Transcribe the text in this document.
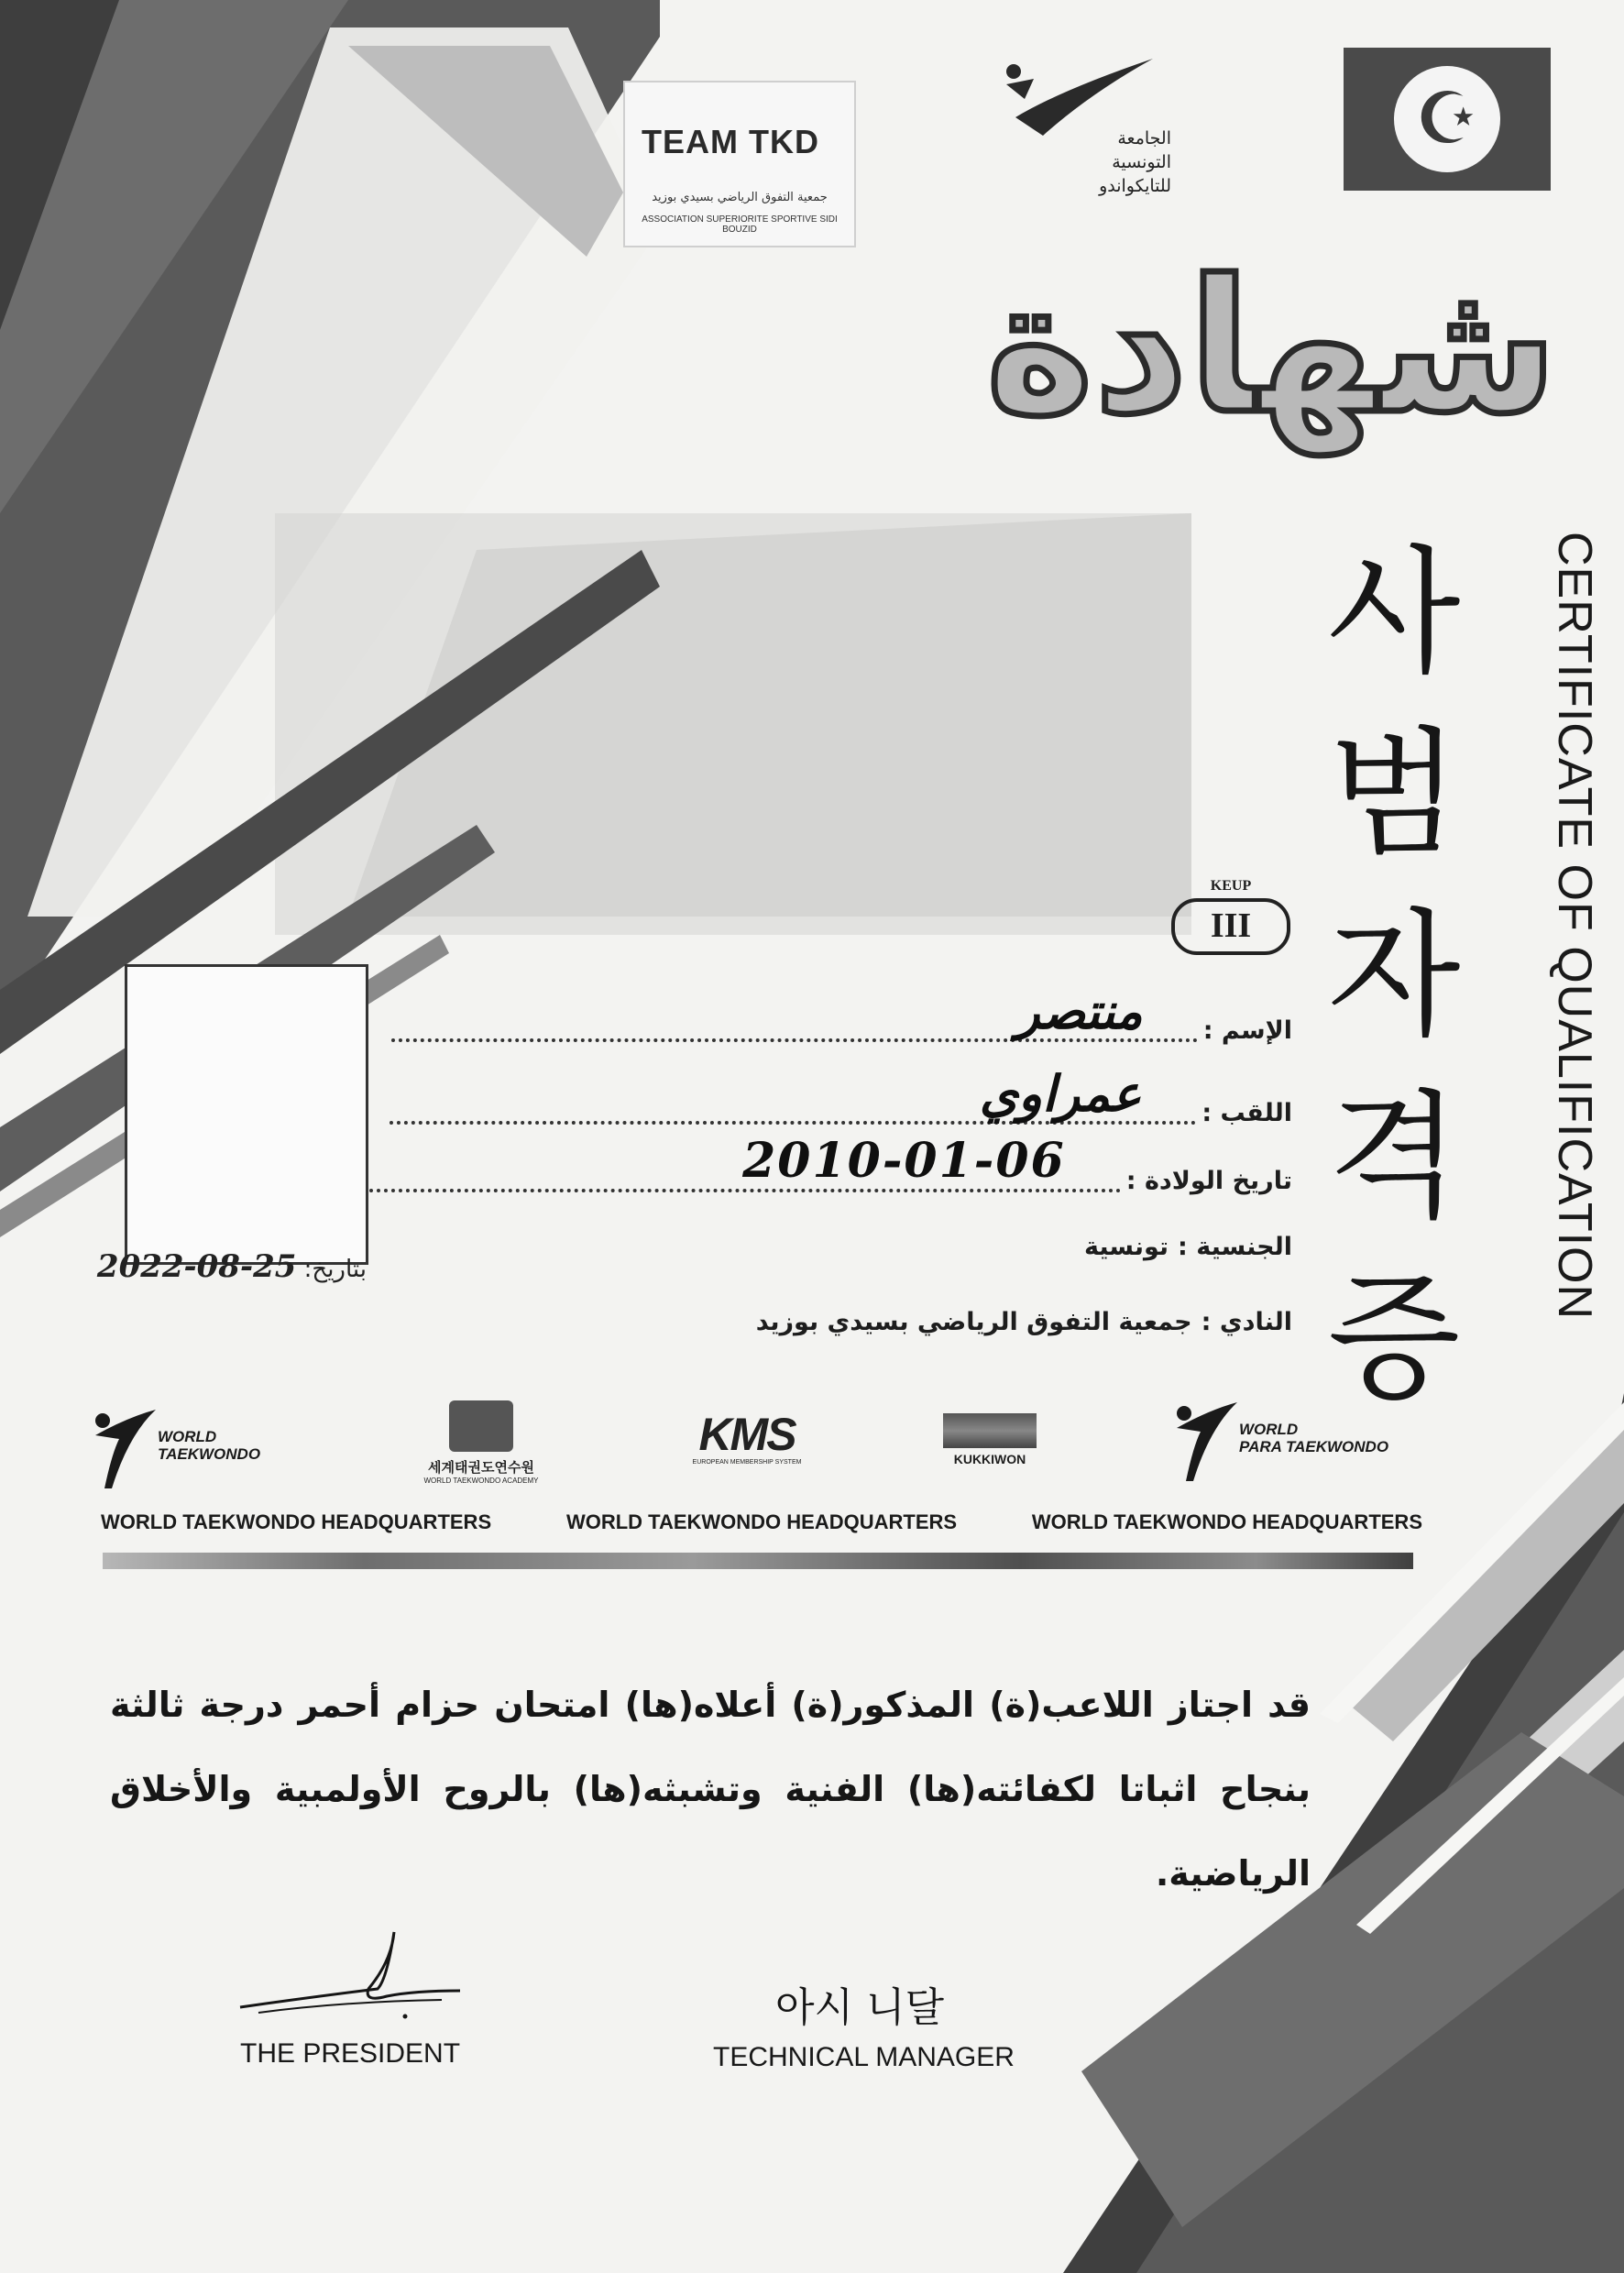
☪
TEAM TKD
جمعية التفوق الرياضي بسيدي بوزيد
ASSOCIATION SUPERIORITE SPORTIVE SIDI BOUZID
الجامعة
التونسية
للتايكواندو
شهادة
사
범
자
격
증
CERTIFICATE OF QUALIFICATION
KEUP
III
بتاريخ: 2022-08-25
الإسم :
منتصر
اللقب :
عمراوي
تاريخ الولادة :
2010-01-06
الجنسية :
تونسية
النادي :
جمعية التفوق الرياضي بسيدي بوزيد
WORLD
TAEKWONDO
세계태권도연수원
WORLD TAEKWONDO ACADEMY
KMS
EUROPEAN MEMBERSHIP SYSTEM	KUKKIWON
WORLD
PARA TAEKWONDO
WORLD TAEKWONDO HEADQUARTERS	WORLD TAEKWONDO HEADQUARTERS	WORLD TAEKWONDO HEADQUARTERS
قد اجتاز اللاعب(ة) المذكور(ة) أعلاه(ها) امتحان حزام أحمر درجة ثالثة بنجاح اثباتا لكفائته(ها) الفنية وتشبثه(ها) بالروح الأولمبية والأخلاق الرياضية.
THE PRESIDENT
아시 니달
TECHNICAL MANAGER
